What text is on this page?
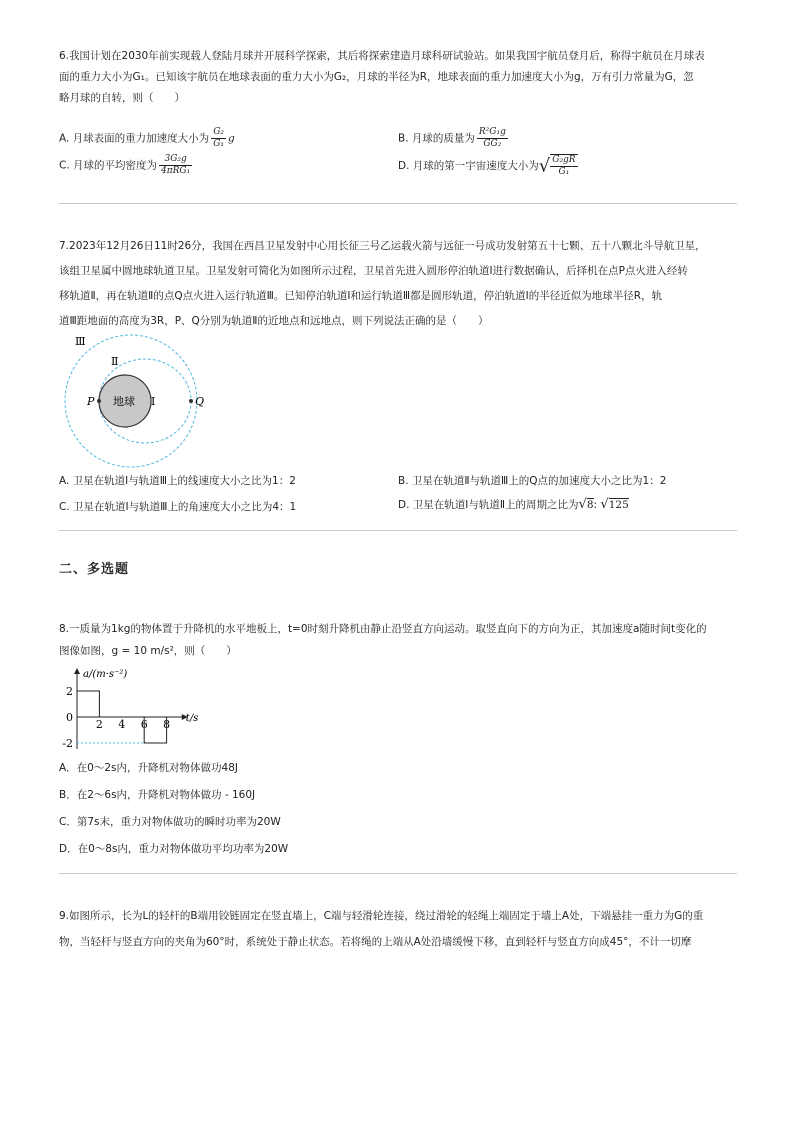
6.我国计划在2030年前实现载人登陆月球并开展科学探索，其后将探索建造月球科研试验站。如果我国宇航员登月后，称得宇航员在月球表
面的重力大小为G₁。已知该宇航员在地球表面的重力大小为G₂，月球的半径为R，地球表面的重力加速度大小为g，万有引力常量为G，忽
略月球的自转，则（　　）
A. 月球表面的重力加速度大小为 $\frac{\text{G₂}}{\text{G₁}}$ g	B. 月球的质量为 $\frac{\text{R²G₁g}}{\text{GG₂}}$
C. 月球的平均密度为 $\frac{\text{3G₂g}}{\text{4πRG₁}}$	D. 月球的第一宇宙速度大小为√ $\frac{\text{G₂gR}}{\text{G₁}}$
7.2023年12月26日11时26分，我国在西昌卫星发射中心用长征三号乙运载火箭与远征一号成功发射第五十七颗、五十八颗北斗导航卫星，
该组卫星属中圆地球轨道卫星。卫星发射可简化为如图所示过程，卫星首先进入圆形停泊轨道Ⅰ进行数据确认，后择机在点P点火进入经转
移轨道Ⅱ，再在轨道Ⅱ的点Q点火进入运行轨道Ⅲ。已知停泊轨道Ⅰ和运行轨道Ⅲ都是圆形轨道，停泊轨道Ⅰ的半径近似为地球半径R，轨
道Ⅲ距地面的高度为3R，P、Q分别为轨道Ⅱ的近地点和远地点，则下列说法正确的是（　　）
Ⅲ
Ⅱ
Ⅰ
地球
P	Q
A. 卫星在轨道Ⅰ与轨道Ⅲ上的线速度大小之比为1：2	B. 卫星在轨道Ⅱ与轨道Ⅲ上的Q点的加速度大小之比为1：2
C. 卫星在轨道Ⅰ与轨道Ⅲ上的角速度大小之比为4：1	D. 卫星在轨道Ⅰ与轨道Ⅱ上的周期之比为√8: √125
二、多选题
8.一质量为1kg的物体置于升降机的水平地板上，t=0时刻升降机由静止沿竖直方向运动。取竖直向下的方向为正，其加速度a随时间t变化的
图像如图，g = 10 m/s²，则（　　）
a/(m·s⁻²)
t/s
2
0
-2
2 4 6 8
A．在0～2s内，升降机对物体做功48J
B．在2～6s内，升降机对物体做功 - 160J
C．第7s末，重力对物体做功的瞬时功率为20W
D．在0～8s内，重力对物体做功平均功率为20W
9.如图所示，长为L的轻杆的B端用铰链固定在竖直墙上，C端与轻滑轮连接，绕过滑轮的轻绳上端固定于墙上A处，下端悬挂一重力为G的重
物，当轻杆与竖直方向的夹角为60°时，系统处于静止状态。若将绳的上端从A处沿墙缓慢下移，直到轻杆与竖直方向成45°，不计一切摩
